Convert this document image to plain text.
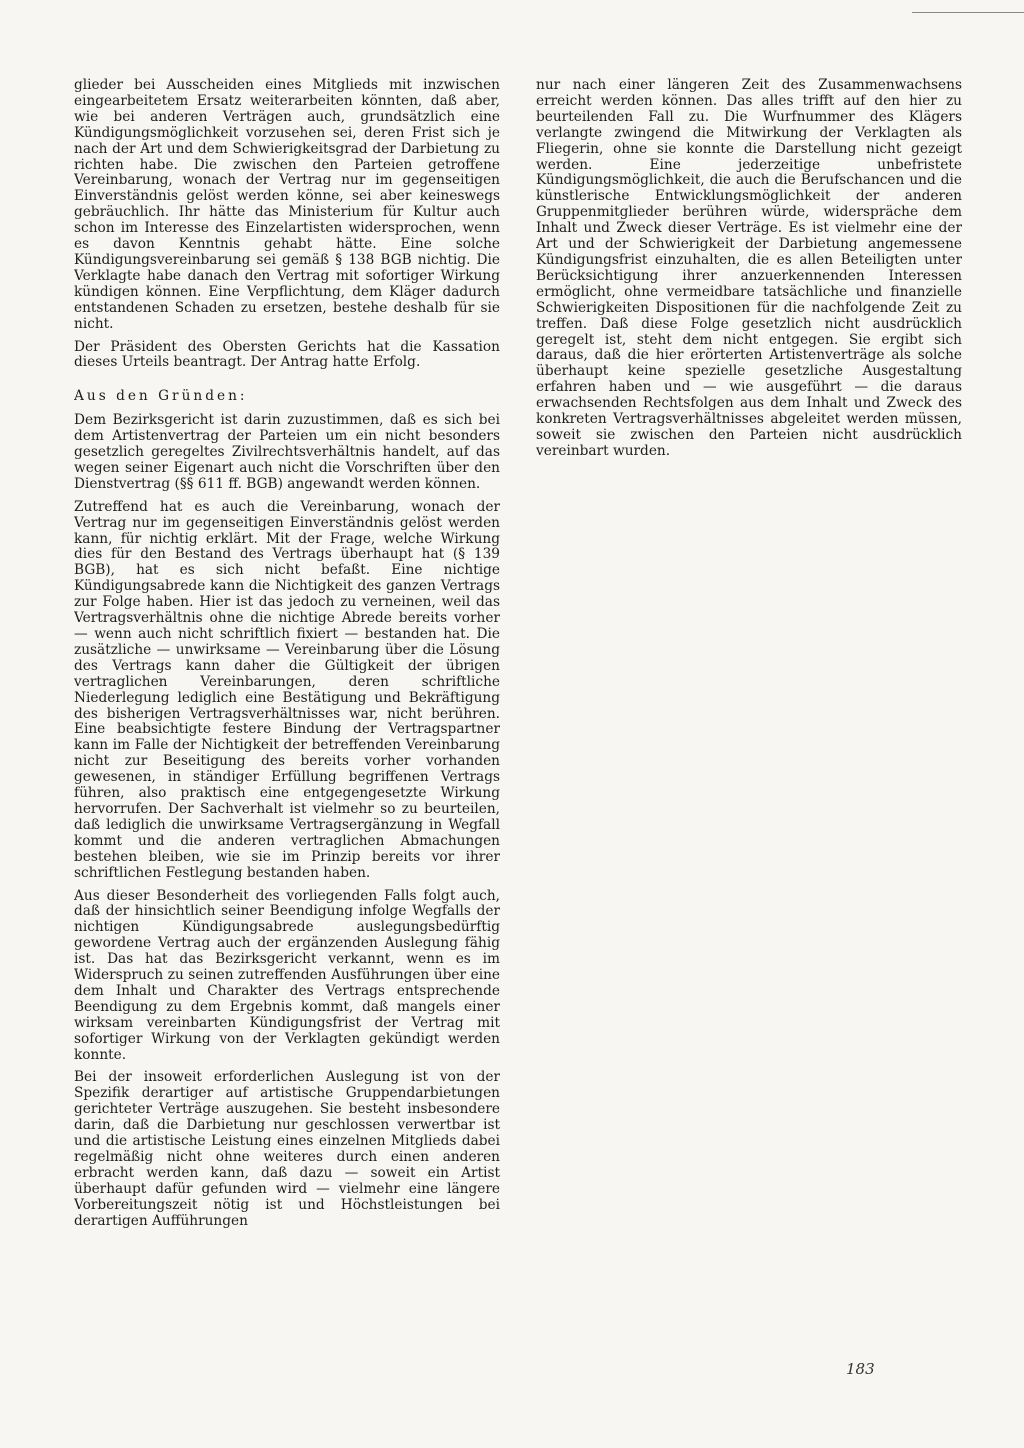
glieder bei Ausscheiden eines Mitglieds mit inzwischen eingearbeitetem Ersatz weiterarbeiten könnten, daß aber, wie bei anderen Verträgen auch, grundsätzlich eine Kündigungsmöglichkeit vorzusehen sei, deren Frist sich je nach der Art und dem Schwierigkeitsgrad der Darbietung zu richten habe. Die zwischen den Parteien getroffene Vereinbarung, wonach der Vertrag nur im gegenseitigen Einverständnis gelöst werden könne, sei aber keineswegs gebräuchlich. Ihr hätte das Ministerium für Kultur auch schon im Interesse des Einzelartisten widersprochen, wenn es davon Kenntnis gehabt hätte. Eine solche Kündigungsvereinbarung sei gemäß § 138 BGB nichtig. Die Verklagte habe danach den Vertrag mit sofortiger Wirkung kündigen können. Eine Verpflichtung, dem Kläger dadurch entstandenen Schaden zu ersetzen, bestehe deshalb für sie nicht.

Der Präsident des Obersten Gerichts hat die Kassation dieses Urteils beantragt. Der Antrag hatte Erfolg.

Aus den Gründen:

Dem Bezirksgericht ist darin zuzustimmen, daß es sich bei dem Artistenvertrag der Parteien um ein nicht besonders gesetzlich geregeltes Zivilrechtsverhältnis handelt, auf das wegen seiner Eigenart auch nicht die Vorschriften über den Dienstvertrag (§§ 611 ff. BGB) angewandt werden können.

Zutreffend hat es auch die Vereinbarung, wonach der Vertrag nur im gegenseitigen Einverständnis gelöst werden kann, für nichtig erklärt. Mit der Frage, welche Wirkung dies für den Bestand des Vertrags überhaupt hat (§ 139 BGB), hat es sich nicht befaßt. Eine nichtige Kündigungsabrede kann die Nichtigkeit des ganzen Vertrags zur Folge haben. Hier ist das jedoch zu verneinen, weil das Vertragsverhältnis ohne die nichtige Abrede bereits vorher — wenn auch nicht schriftlich fixiert — bestanden hat. Die zusätzliche — unwirksame — Vereinbarung über die Lösung des Vertrags kann daher die Gültigkeit der übrigen vertraglichen Vereinbarungen, deren schriftliche Niederlegung lediglich eine Bestätigung und Bekräftigung des bisherigen Vertragsverhältnisses war, nicht berühren. Eine beabsichtigte festere Bindung der Vertragspartner kann im Falle der Nichtigkeit der betreffenden Vereinbarung nicht zur Beseitigung des bereits vorher vorhanden gewesenen, in ständiger Erfüllung begriffenen Vertrags führen, also praktisch eine entgegengesetzte Wirkung hervorrufen. Der Sachverhalt ist vielmehr so zu beurteilen, daß lediglich die unwirksame Vertragsergänzung in Wegfall kommt und die anderen vertraglichen Abmachungen bestehen bleiben, wie sie im Prinzip bereits vor ihrer schriftlichen Festlegung bestanden haben.

Aus dieser Besonderheit des vorliegenden Falls folgt auch, daß der hinsichtlich seiner Beendigung infolge Wegfalls der nichtigen Kündigungsabrede auslegungsbedürftig gewordene Vertrag auch der ergänzenden Auslegung fähig ist. Das hat das Bezirksgericht verkannt, wenn es im Widerspruch zu seinen zutreffenden Ausführungen über eine dem Inhalt und Charakter des Vertrags entsprechende Beendigung zu dem Ergebnis kommt, daß mangels einer wirksam vereinbarten Kündigungsfrist der Vertrag mit sofortiger Wirkung von der Verklagten gekündigt werden konnte.

Bei der insoweit erforderlichen Auslegung ist von der Spezifik derartiger auf artistische Gruppendarbietungen gerichteter Verträge auszugehen. Sie besteht insbesondere darin, daß die Darbietung nur geschlossen verwertbar ist und die artistische Leistung eines einzelnen Mitglieds dabei regelmäßig nicht ohne weiteres durch einen anderen erbracht werden kann, daß dazu — soweit ein Artist überhaupt dafür gefunden wird — vielmehr eine längere Vorbereitungszeit nötig ist und Höchstleistungen bei derartigen Aufführungen

nur nach einer längeren Zeit des Zusammenwachsens erreicht werden können. Das alles trifft auf den hier zu beurteilenden Fall zu. Die Wurfnummer des Klägers verlangte zwingend die Mitwirkung der Verklagten als Fliegerin, ohne sie konnte die Darstellung nicht gezeigt werden. Eine jederzeitige unbefristete Kündigungsmöglichkeit, die auch die Berufschancen und die künstlerische Entwicklungsmöglichkeit der anderen Gruppenmitglieder berühren würde, widerspräche dem Inhalt und Zweck dieser Verträge. Es ist vielmehr eine der Art und der Schwierigkeit der Darbietung angemessene Kündigungsfrist einzuhalten, die es allen Beteiligten unter Berücksichtigung ihrer anzuerkennenden Interessen ermöglicht, ohne vermeidbare tatsächliche und finanzielle Schwierigkeiten Dispositionen für die nachfolgende Zeit zu treffen. Daß diese Folge gesetzlich nicht ausdrücklich geregelt ist, steht dem nicht entgegen. Sie ergibt sich daraus, daß die hier erörterten Artistenverträge als solche überhaupt keine spezielle gesetzliche Ausgestaltung erfahren haben und — wie ausgeführt — die daraus erwachsenden Rechtsfolgen aus dem Inhalt und Zweck des konkreten Vertragsverhältnisses abgeleitet werden müssen, soweit sie zwischen den Parteien nicht ausdrücklich vereinbart wurden.

183
